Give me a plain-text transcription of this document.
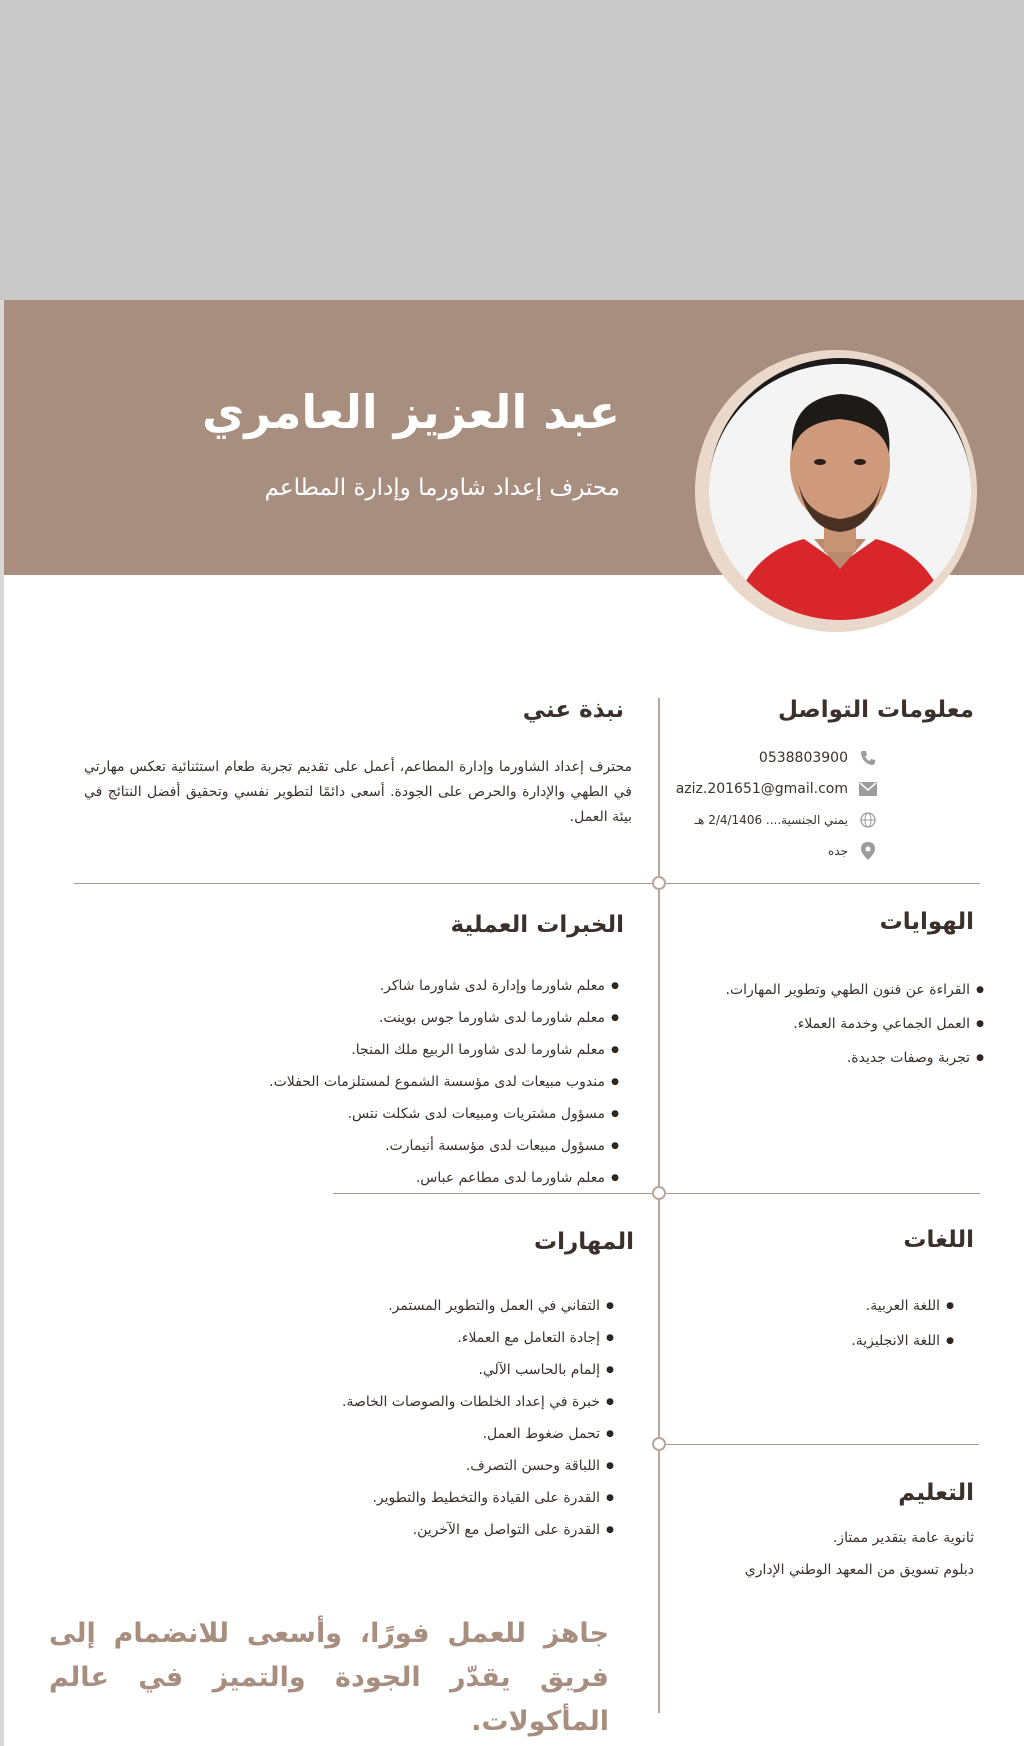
عبد العزيز العامري
محترف إعداد شاورما وإدارة المطاعم
نبذة عني

محترف إعداد الشاورما وإدارة المطاعم، أعمل على تقديم تجربة طعام استثنائية تعكس مهارتي في الطهي والإدارة والحرص على الجودة. أسعى دائمًا لتطوير نفسي وتحقيق أفضل النتائج في بيئة العمل.

معلومات التواصل
0538803900
aziz.201651@gmail.com
يمني الجنسية.... 2/4/1406 هـ
جده
الخبرات العملية
● معلم شاورما وإدارة لدى شاورما شاكر.
● معلم شاورما لدى شاورما جوس بوينت.
● معلم شاورما لدى شاورما الربيع ملك المنجا.
● مندوب مبيعات لدى مؤسسة الشموع لمستلزمات الحفلات.
● مسؤول مشتريات ومبيعات لدى شكلت نتس.
● مسؤول مبيعات لدى مؤسسة أنيمارت.
● معلم شاورما لدى مطاعم عباس.
الهوايات
● القراءة عن فنون الطهي وتطوير المهارات.
● العمل الجماعي وخدمة العملاء.
● تجربة وصفات جديدة.
المهارات
● التفاني في العمل والتطوير المستمر.
● إجادة التعامل مع العملاء.
● إلمام بالحاسب الآلي.
● خبرة في إعداد الخلطات والصوصات الخاصة.
● تحمل ضغوط العمل.
● اللباقة وحسن التصرف.
● القدرة على القيادة والتخطيط والتطوير.
● القدرة على التواصل مع الآخرين.
اللغات
● اللغة العربية.
● اللغة الانجليزية.
التعليم
ثانوية عامة بتقدير ممتاز.
دبلوم تسويق من المعهد الوطني الإداري
جاهز للعمل فورًا، وأسعى للانضمام إلى فريق يقدّر الجودة والتميز في عالم المأكولات.
